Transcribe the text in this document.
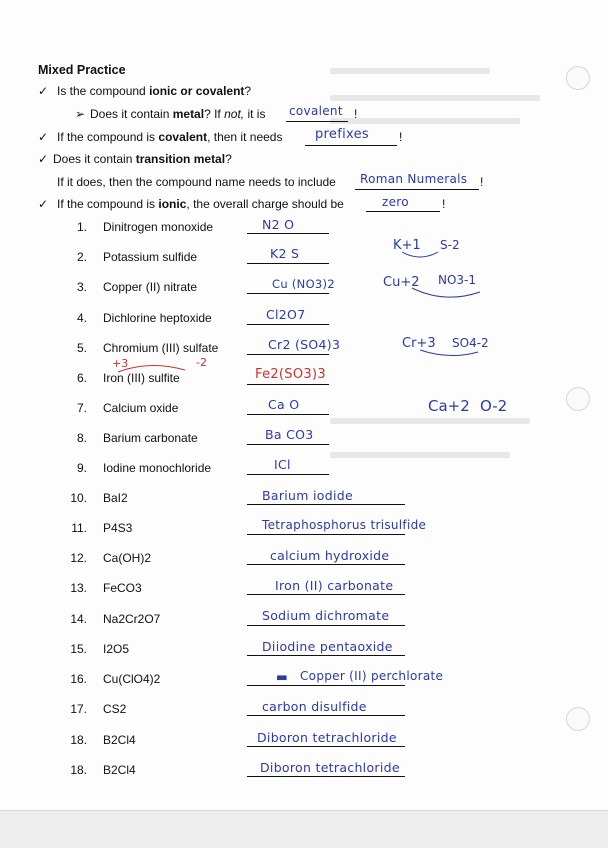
Mixed Practice
✓ Is the compound ionic or covalent?
➢ Does it contain metal? If not, it is covalent !
✓ If the compound is covalent, then it needs	prefixes	!
✓ Does it contain transition metal?
If it does, then the compound name needs to include Roman Numerals !
✓ If the compound is ionic, the overall charge should be	zero	!
1. Dinitrogen monoxide	N2 O
2. Potassium sulfide	K2 S
3. Copper (II) nitrate	Cu (NO3)2
4. Dichlorine heptoxide	Cl2O7
5. Chromium (III) sulfate	Cr2 (SO4)3
6. Iron (III) sulfite	Fe2(SO3)3
7. Calcium oxide	Ca O
8. Barium carbonate	Ba CO3
9. Iodine monochloride	ICl
10. BaI2	Barium iodide
11. P4S3	Tetraphosphorus trisulfide
12. Ca(OH)2	calcium hydroxide
13. FeCO3	Iron (II) carbonate
14. Na2Cr2O7	Sodium dichromate
15. I2O5	Diiodine pentaoxide
16. Cu(ClO4)2	▬ Copper (II) perchlorate
17. CS2	carbon disulfide
18. B2Cl4	Diboron tetrachloride
K+1 S-2
Cu+2 NO3-1
Cr+3 SO4-2
+3	-2
Ca+2 O-2
18. B2Cl4	Diboron tetrachloride
